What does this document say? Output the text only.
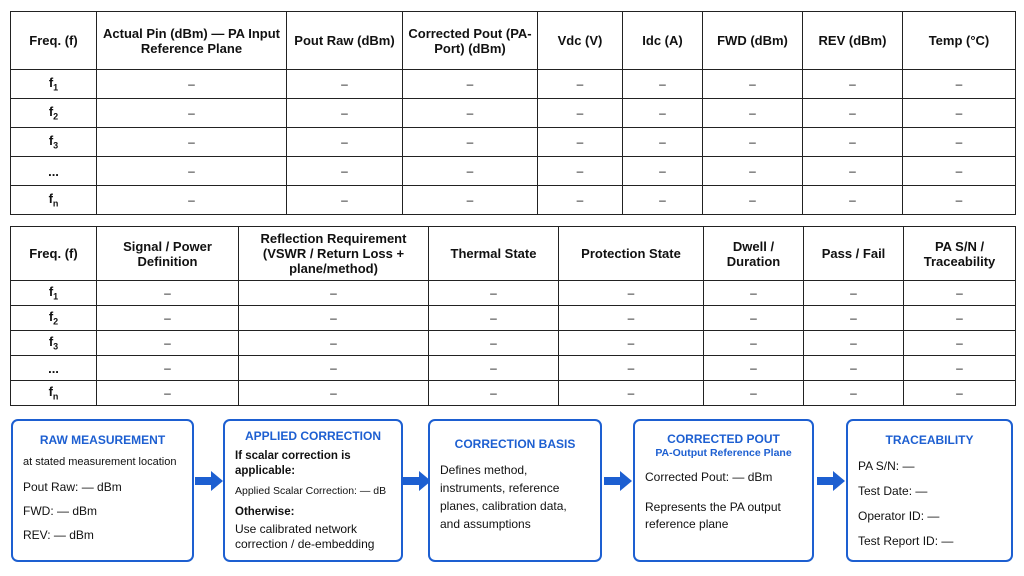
Freq. (f)	Actual Pin (dBm) — PA Input Reference Plane	Pout Raw (dBm)	Corrected Pout (PA-Port) (dBm)	Vdc (V)	Idc (A)	FWD (dBm)	REV (dBm)	Temp (°C)
$f_1$	–	–	–	–	–	–	–	–
$f_2$	–	–	–	–	–	–	–	–
$f_3$	–	–	–	–	–	–	–	–
...	–	–	–	–	–	–	–	–
$f_n$	–	–	–	–	–	–	–	–
Freq. (f)	Signal / Power Definition	Reflection Requirement (VSWR / Return Loss + plane/method)	Thermal State	Protection State	Dwell / Duration	Pass / Fail	PA S/N / Traceability
$f_1$	–	–	–	–	–	–	–
$f_2$	–	–	–	–	–	–	–
$f_3$	–	–	–	–	–	–	–
...	–	–	–	–	–	–	–
$f_n$	–	–	–	–	–	–	–
RAW MEASUREMENT
at stated measurement location
Pout Raw: — dBm
FWD: — dBm
REV: — dBm
APPLIED CORRECTION
If scalar correction is applicable:
Applied Scalar Correction: — dB
Otherwise:
Use calibrated network correction / de-embedding
CORRECTION BASIS
Defines method, instruments, reference planes, calibration data, and assumptions
CORRECTED POUT
PA-Output Reference Plane
Corrected Pout: — dBm
Represents the PA output reference plane
TRACEABILITY
PA S/N: —
Test Date: —
Operator ID: —
Test Report ID: —
